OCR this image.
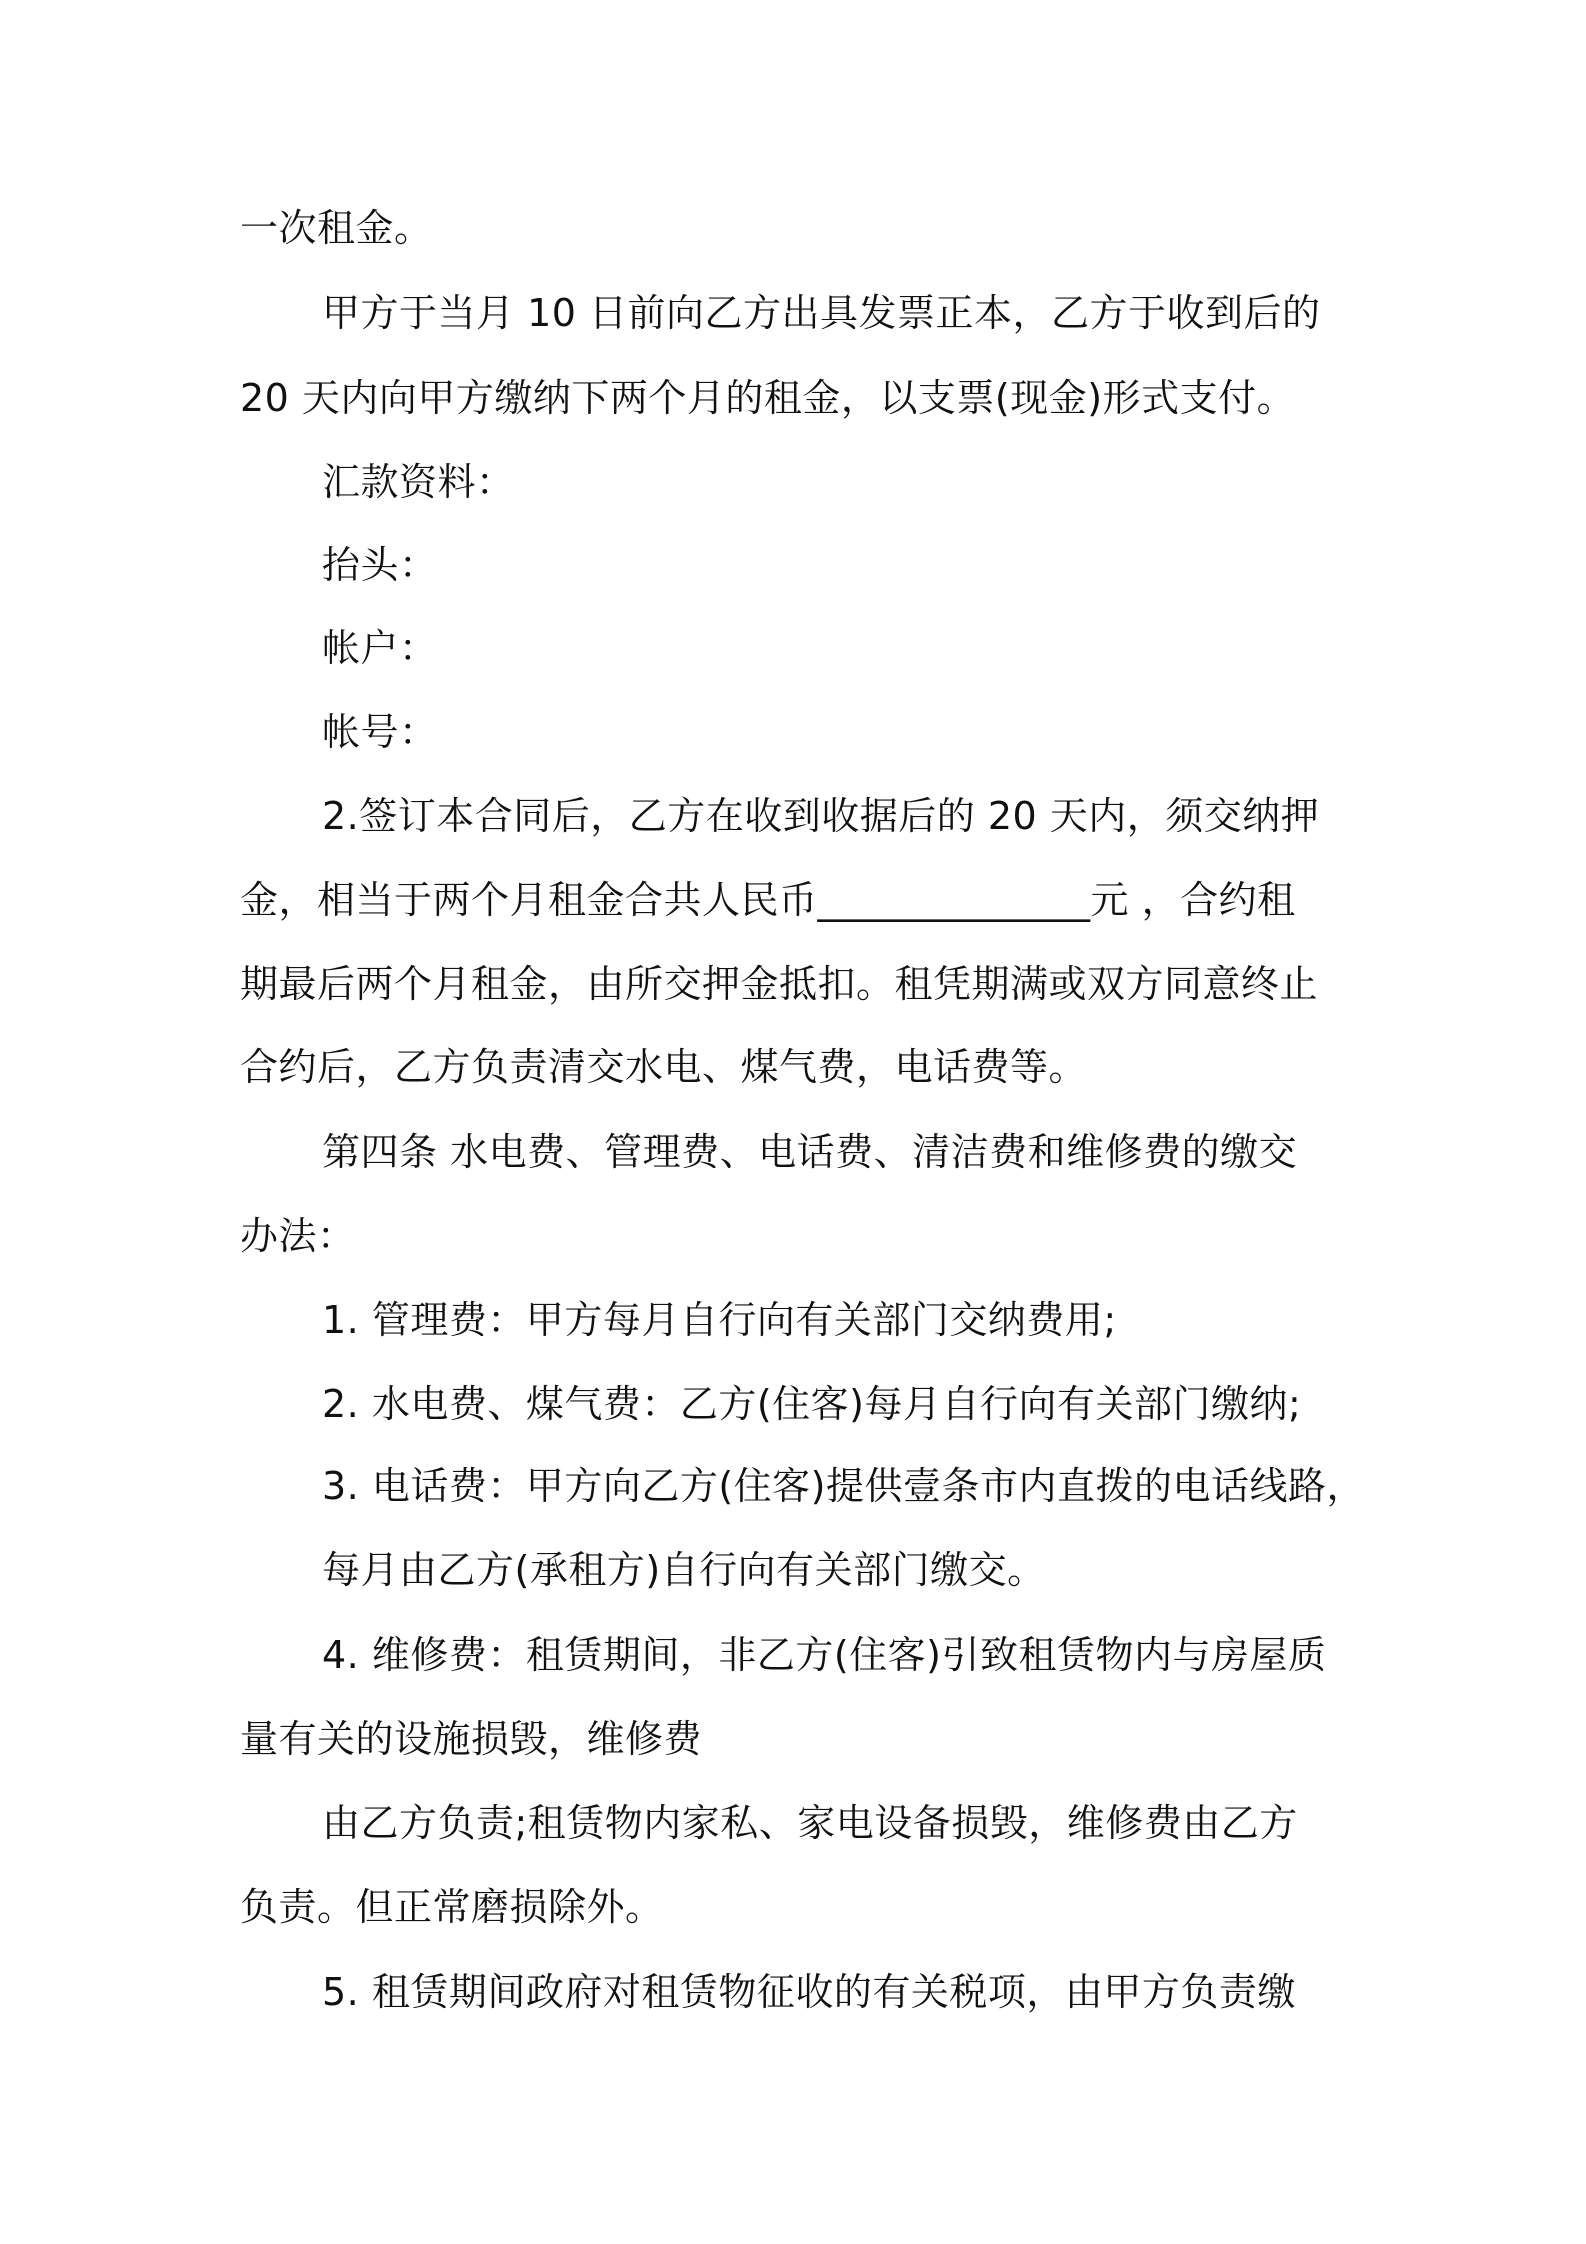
一次租金。
甲方于当月 10 日前向乙方出具发票正本，乙方于收到后的
20 天内向甲方缴纳下两个月的租金，以支票(现金)形式支付。
汇款资料：
抬头：
帐户：
帐号：
2.签订本合同后，乙方在收到收据后的 20 天内，须交纳押
金，相当于两个月租金合共人民币______________元 ，合约租
期最后两个月租金，由所交押金抵扣。租凭期满或双方同意终止
合约后，乙方负责清交水电、煤气费，电话费等。
第四条 水电费、管理费、电话费、清洁费和维修费的缴交
办法：
1. 管理费：甲方每月自行向有关部门交纳费用;
2. 水电费、煤气费：乙方(住客)每月自行向有关部门缴纳;
3. 电话费：甲方向乙方(住客)提供壹条市内直拨的电话线路，
每月由乙方(承租方)自行向有关部门缴交。
4. 维修费：租赁期间，非乙方(住客)引致租赁物内与房屋质
量有关的设施损毁，维修费
由乙方负责;租赁物内家私、家电设备损毁，维修费由乙方
负责。但正常磨损除外。
5. 租赁期间政府对租赁物征收的有关税项，由甲方负责缴
